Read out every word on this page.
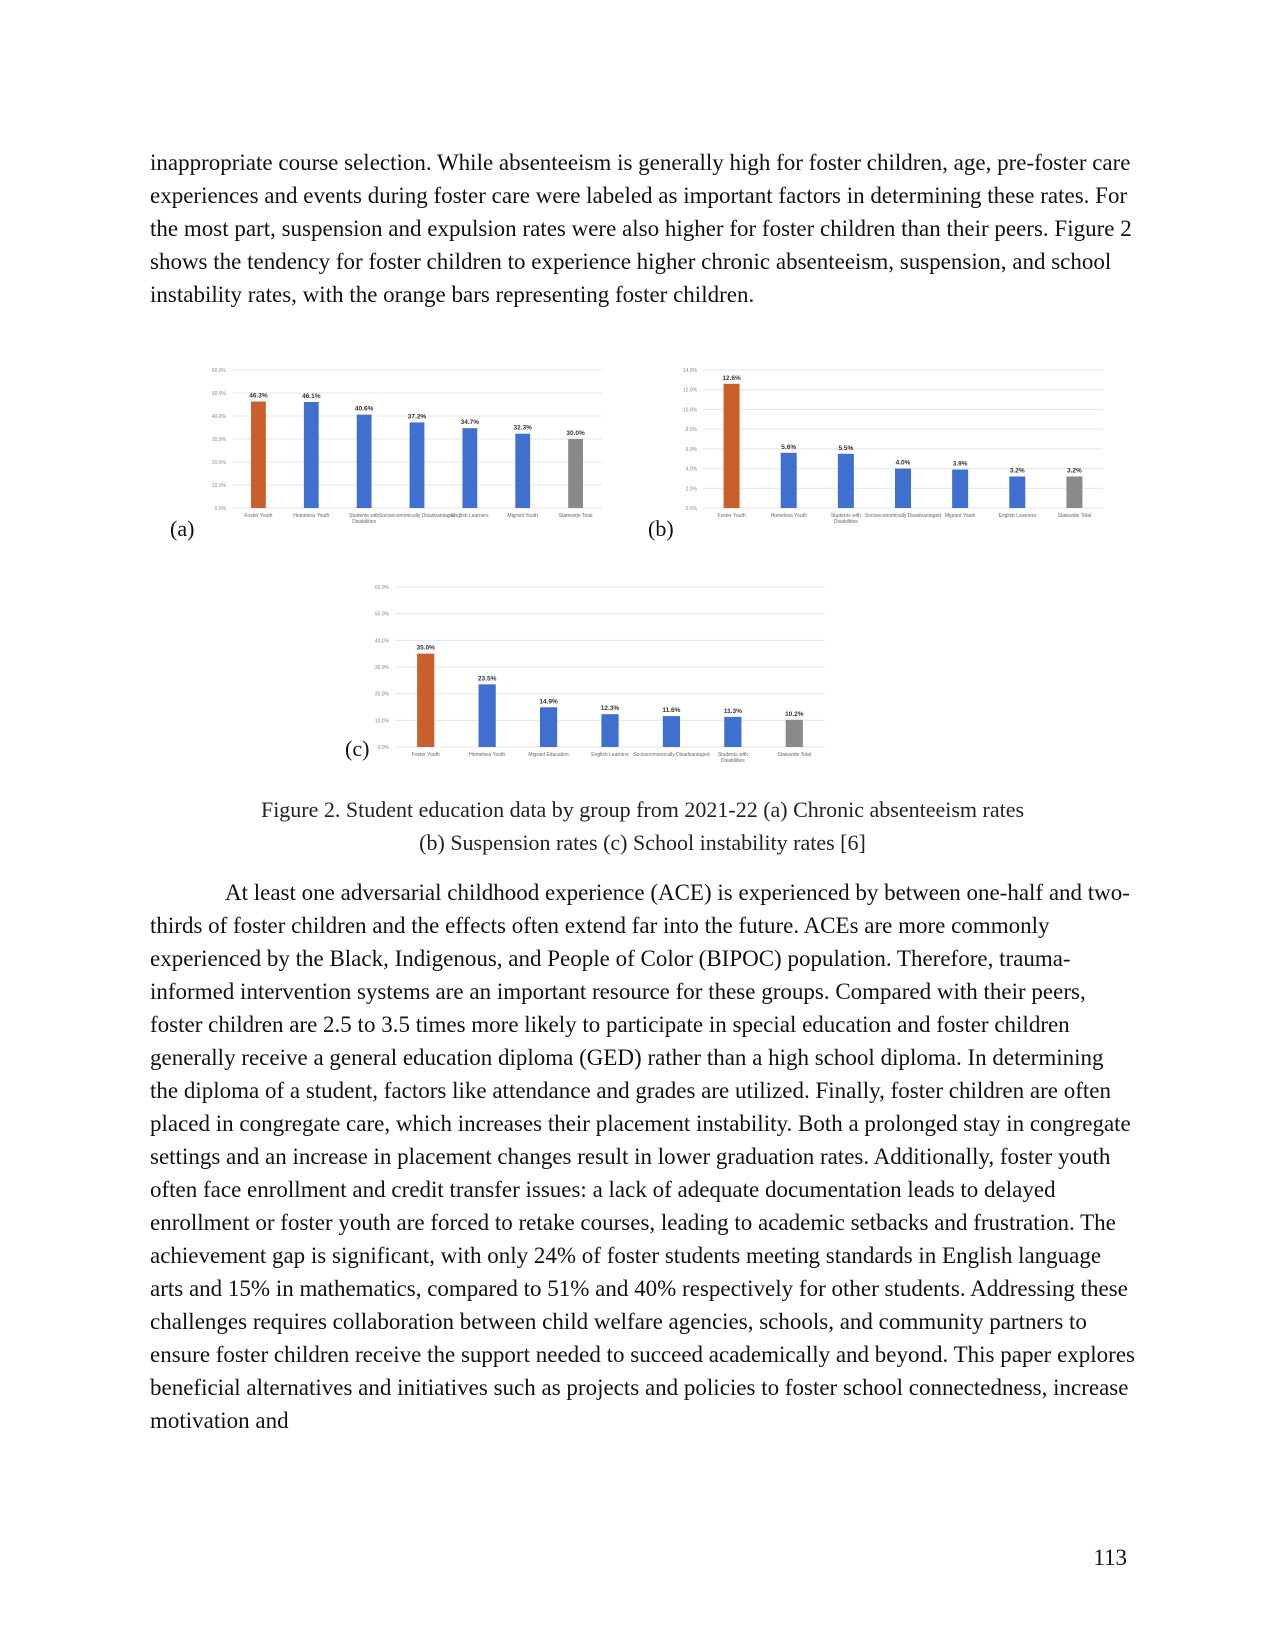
inappropriate course selection. While absenteeism is generally high for foster children, age, pre-foster care experiences and events during foster care were labeled as important factors in determining these rates. For the most part, suspension and expulsion rates were also higher for foster children than their peers. Figure 2 shows the tendency for foster children to experience higher chronic absenteeism, suspension, and school instability rates, with the orange bars representing foster children.

(a)
0.0%
10.0%
20.0%
30.0%
40.0%
50.0%
60.0%
46.3%
Foster Youth
46.1%
Homeless Youth
40.6%
Students with
Disabilities
37.2%
Socioeconomically Disadvantaged
34.7%
English Learners
32.3%
Migrant Youth
30.0%
Statewide Total	(b)
0.0%
2.0%
4.0%
6.0%
8.0%
10.0%
12.0%
14.0%
12.6%
Foster Youth
5.6%
Homeless Youth
5.5%
Students with
Disabilities
4.0%
Socioeconomically Disadvantaged
3.9%
Migrant Youth
3.2%
English Learners
3.2%
Statewide Total
(c) 0.0%
10.0%
20.0%
30.0%
40.0%
50.0%
60.0%
35.0%
Foster Youth
23.5%
Homeless Youth
14.9%
Migrant Education
12.3%
English Learners
11.6%
Socioeconomically Disadvantaged
11.3%
Students with
Disabilities
10.2%
Statewide Total
Figure 2. Student education data by group from 2021-22 (a) Chronic absenteeism rates
(b) Suspension rates (c) School instability rates [6]

At least one adversarial childhood experience (ACE) is experienced by between one-half and two-thirds of foster children and the effects often extend far into the future. ACEs are more commonly experienced by the Black, Indigenous, and People of Color (BIPOC) population. Therefore, trauma-informed intervention systems are an important resource for these groups. Compared with their peers, foster children are 2.5 to 3.5 times more likely to participate in special education and foster children generally receive a general education diploma (GED) rather than a high school diploma. In determining the diploma of a student, factors like attendance and grades are utilized. Finally, foster children are often placed in congregate care, which increases their placement instability. Both a prolonged stay in congregate settings and an increase in placement changes result in lower graduation rates. Additionally, foster youth often face enrollment and credit transfer issues: a lack of adequate documentation leads to delayed enrollment or foster youth are forced to retake courses, leading to academic setbacks and frustration. The achievement gap is significant, with only 24% of foster students meeting standards in English language arts and 15% in mathematics, compared to 51% and 40% respectively for other students. Addressing these challenges requires collaboration between child welfare agencies, schools, and community partners to ensure foster children receive the support needed to succeed academically and beyond. This paper explores beneficial alternatives and initiatives such as projects and policies to foster school connectedness, increase motivation and

113
